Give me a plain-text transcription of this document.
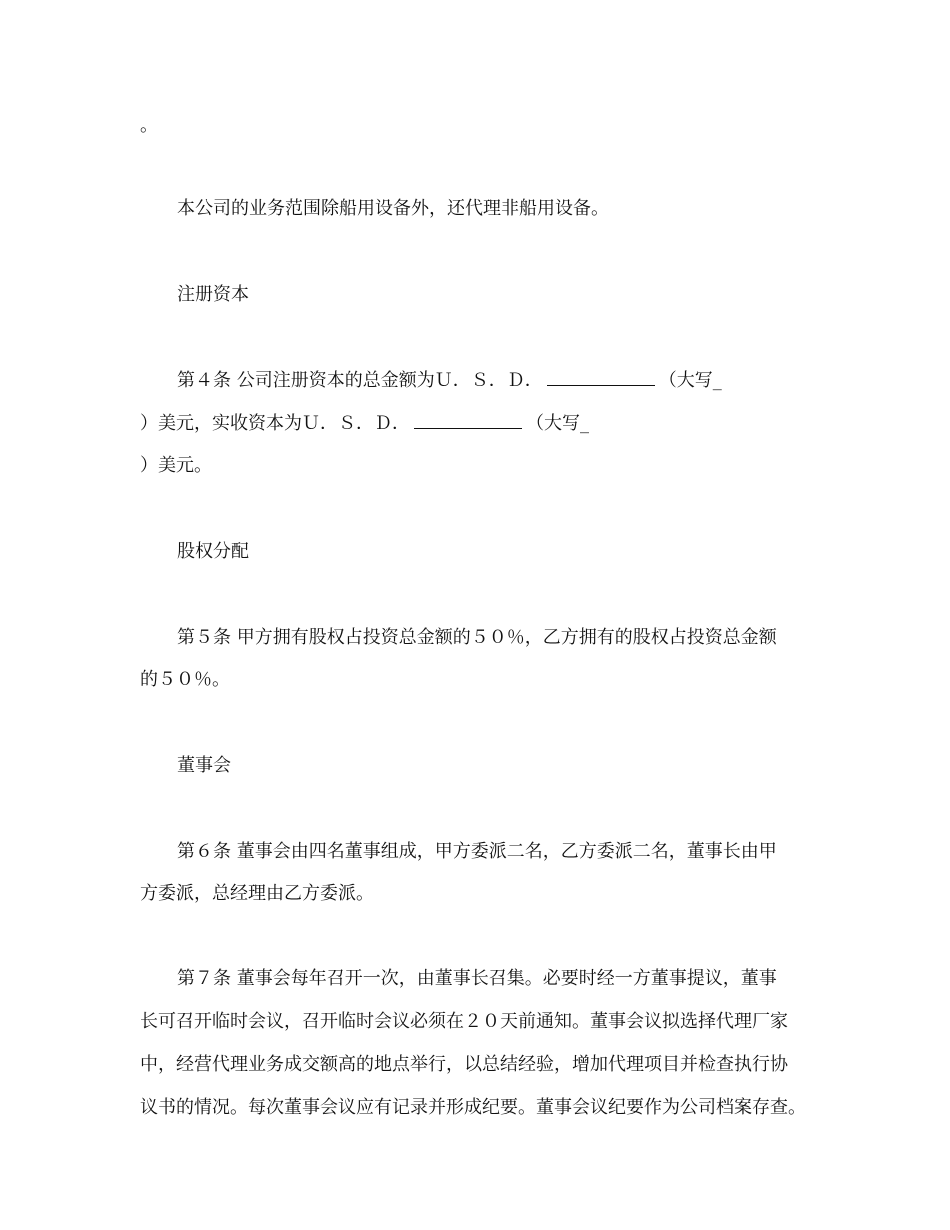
。
本公司的业务范围除船用设备外，还代理非船用设备。
注册资本
第４条 公司注册资本的总金额为Ｕ．Ｓ．Ｄ．	（大写_
）美元，实收资本为Ｕ．Ｓ．Ｄ．	（大写_
）美元。
股权分配
第５条 甲方拥有股权占投资总金额的５０％，乙方拥有的股权占投资总金额
的５０％。
董事会
第６条 董事会由四名董事组成，甲方委派二名，乙方委派二名，董事长由甲
方委派，总经理由乙方委派。
第７条 董事会每年召开一次，由董事长召集。必要时经一方董事提议，董事
长可召开临时会议，召开临时会议必须在２０天前通知。董事会议拟选择代理厂家
中，经营代理业务成交额高的地点举行，以总结经验，增加代理项目并检查执行协
议书的情况。每次董事会议应有记录并形成纪要。董事会议纪要作为公司档案存查。
